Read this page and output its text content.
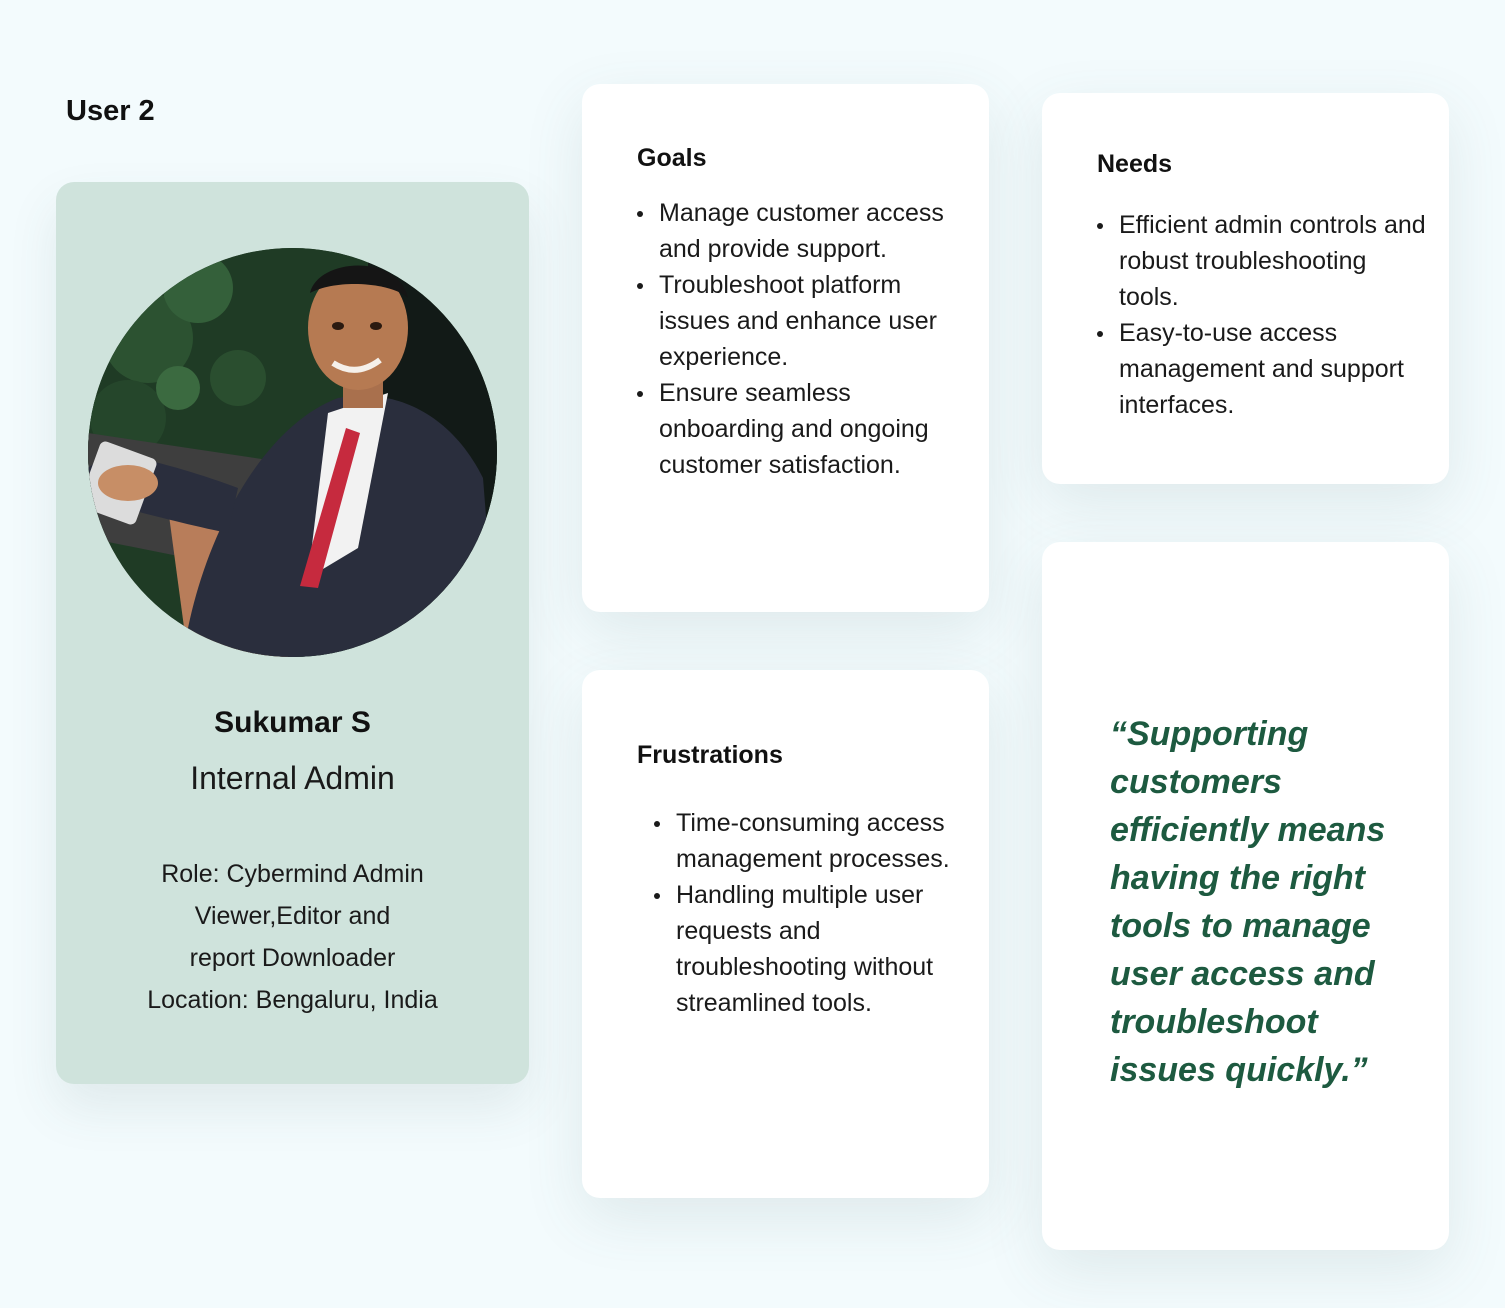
User 2
Sukumar S
Internal Admin
Role: Cybermind Admin
Viewer,Editor and
report Downloader
Location: Bengaluru, India
Goals
Manage customer access and provide support.
Troubleshoot platform issues and enhance user experience.
Ensure seamless onboarding and ongoing customer satisfaction.
Needs
Efficient admin controls and robust troubleshooting tools.
Easy-to-use access management and support interfaces.
Frustrations
Time-consuming access management processes.
Handling multiple user requests and troubleshooting without streamlined tools.
“Supporting customers efficiently means having the right tools to manage user access and troubleshoot issues quickly.”
